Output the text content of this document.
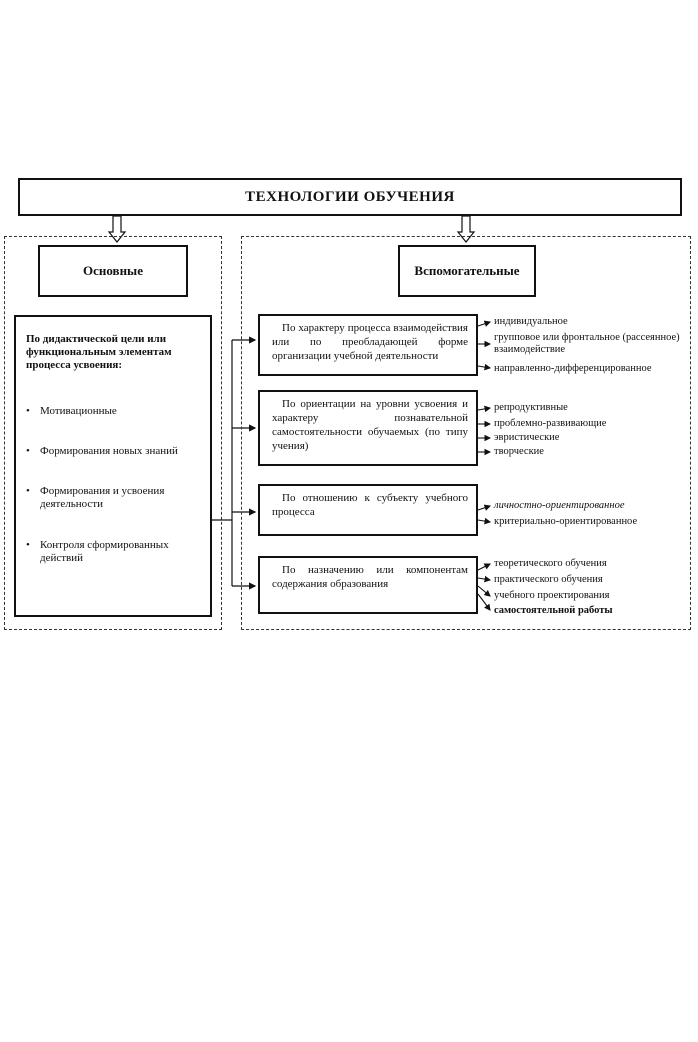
ТЕХНОЛОГИИ ОБУЧЕНИЯ
Основные	Вспомогательные
По дидактической цели или функциональным элементам процесса усвоения:
• Мотивационные
• Формирования новых знаний
• Формирования и усвоения деятельности
• Контроля сформированных действий
По характеру процесса взаимодействия или по преобладающей форме организации учебной деятельности
По ориентации на уровни усвоения и характеру познавательной самостоятельности обучаемых (по типу учения)
По отношению к субъекту учебного процесса
По назначению или компонентам содержания образования
индивидуальное
групповое или фронтальное (рассеянное) взаимодействие
направленно-дифференцированное
репродуктивные
проблемно-развивающие
эвристические
творческие
личностно-ориентированное
критериально-ориентированное
теоретического обучения
практического обучения
учебного проектирования
самостоятельной работы
